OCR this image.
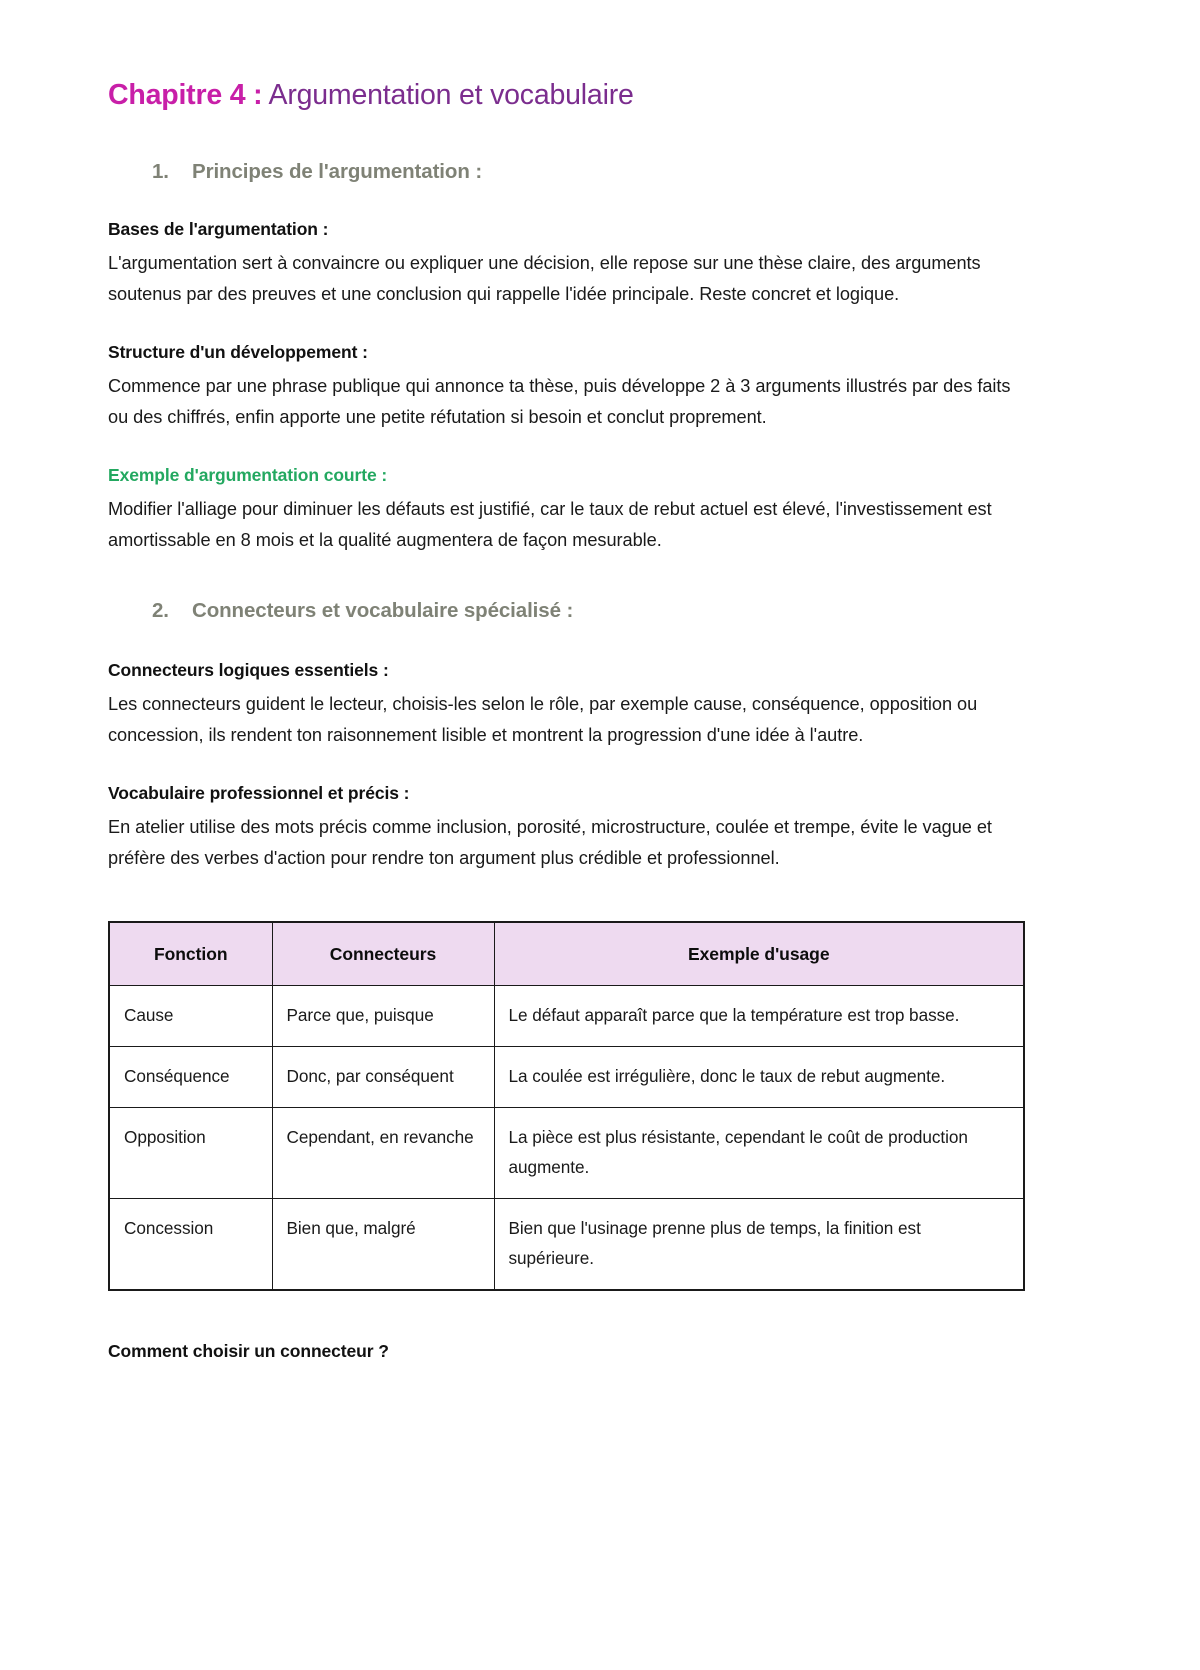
Chapitre 4 : Argumentation et vocabulaire
1.	Principes de l'argumentation :
Bases de l'argumentation :

L'argumentation sert à convaincre ou expliquer une décision, elle repose sur une thèse claire, des arguments soutenus par des preuves et une conclusion qui rappelle l'idée principale. Reste concret et logique.

Structure d'un développement :

Commence par une phrase publique qui annonce ta thèse, puis développe 2 à 3 arguments illustrés par des faits ou des chiffrés, enfin apporte une petite réfutation si besoin et conclut proprement.

Exemple d'argumentation courte :

Modifier l'alliage pour diminuer les défauts est justifié, car le taux de rebut actuel est élevé, l'investissement est amortissable en 8 mois et la qualité augmentera de façon mesurable.

2.	Connecteurs et vocabulaire spécialisé :
Connecteurs logiques essentiels :

Les connecteurs guident le lecteur, choisis-les selon le rôle, par exemple cause, conséquence, opposition ou concession, ils rendent ton raisonnement lisible et montrent la progression d'une idée à l'autre.

Vocabulaire professionnel et précis :

En atelier utilise des mots précis comme inclusion, porosité, microstructure, coulée et trempe, évite le vague et préfère des verbes d'action pour rendre ton argument plus crédible et professionnel.

Fonction	Connecteurs	Exemple d'usage
Cause	Parce que, puisque	Le défaut apparaît parce que la température est trop basse.
Conséquence	Donc, par conséquent	La coulée est irrégulière, donc le taux de rebut augmente.
Opposition	Cependant, en revanche	La pièce est plus résistante, cependant le coût de production augmente.
Concession	Bien que, malgré	Bien que l'usinage prenne plus de temps, la finition est supérieure.
Comment choisir un connecteur ?
